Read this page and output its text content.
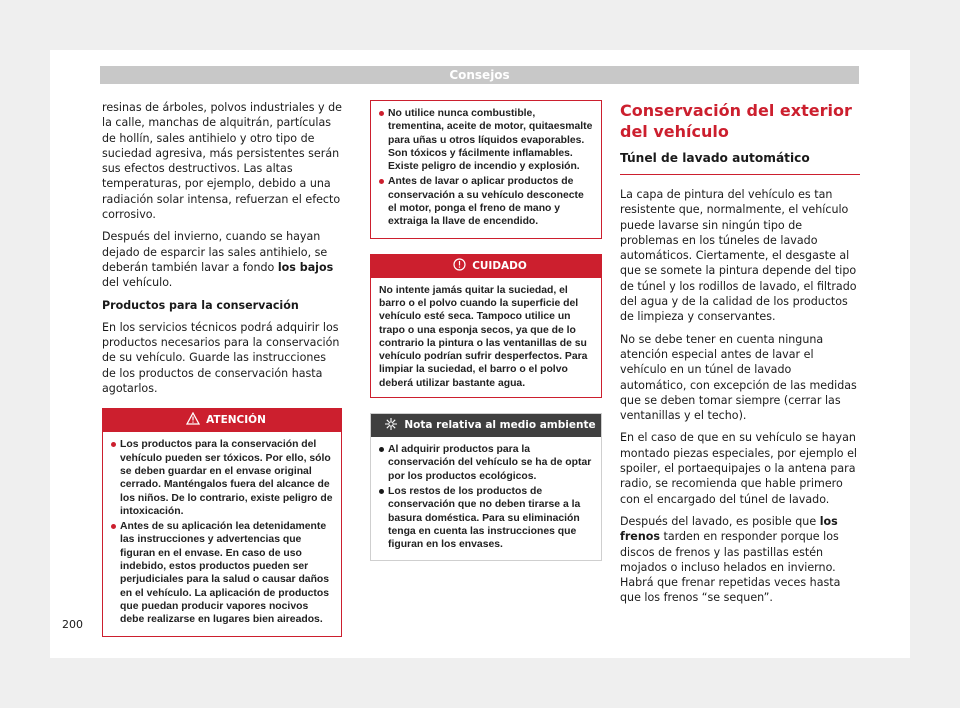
Consejos

resinas de árboles, polvos industriales y de la calle, manchas de alquitrán, partículas de hollín, sales antihielo y otro tipo de suciedad agresiva, más persistentes serán sus efectos destructivos. Las altas temperaturas, por ejemplo, debido a una radiación solar intensa, refuerzan el efecto corrosivo.

Después del invierno, cuando se hayan dejado de esparcir las sales antihielo, se deberán también lavar a fondo los bajos del vehículo.

Productos para la conservación

En los servicios técnicos podrá adquirir los productos necesarios para la conservación de su vehículo. Guarde las instrucciones de los productos de conservación hasta agotarlos.

ATENCIÓN
Los productos para la conservación del vehículo pueden ser tóxicos. Por ello, sólo se deben guardar en el envase original cerrado. Manténgalos fuera del alcance de los niños. De lo contrario, existe peligro de intoxicación.
Antes de su aplicación lea detenidamente las instrucciones y advertencias que figuran en el envase. En caso de uso indebido, estos productos pueden ser perjudiciales para la salud o causar daños en el vehículo. La aplicación de productos que puedan producir vapores nocivos debe realizarse en lugares bien aireados.
No utilice nunca combustible, trementina, aceite de motor, quitaesmalte para uñas u otros líquidos evaporables. Son tóxicos y fácilmente inflamables. Existe peligro de incendio y explosión.
Antes de lavar o aplicar productos de conservación a su vehículo desconecte el motor, ponga el freno de mano y extraiga la llave de encendido.
CUIDADO

No intente jamás quitar la suciedad, el barro o el polvo cuando la superficie del vehículo esté seca. Tampoco utilice un trapo o una esponja secos, ya que de lo contrario la pintura o las ventanillas de su vehículo podrían sufrir desperfectos. Para limpiar la suciedad, el barro o el polvo deberá utilizar bastante agua.

Nota relativa al medio ambiente
Al adquirir productos para la conservación del vehículo se ha de optar por los productos ecológicos.
Los restos de los productos de conservación que no deben tirarse a la basura doméstica. Para su eliminación tenga en cuenta las instrucciones que figuran en los envases.
Conservación del exterior del vehículo
Túnel de lavado automático

La capa de pintura del vehículo es tan resistente que, normalmente, el vehículo puede lavarse sin ningún tipo de problemas en los túneles de lavado automáticos. Ciertamente, el desgaste al que se somete la pintura depende del tipo de túnel y los rodillos de lavado, el filtrado del agua y de la calidad de los productos de limpieza y conservantes.

No se debe tener en cuenta ninguna atención especial antes de lavar el vehículo en un túnel de lavado automático, con excepción de las medidas que se deben tomar siempre (cerrar las ventanillas y el techo).

En el caso de que en su vehículo se hayan montado piezas especiales, por ejemplo el spoiler, el portaequipajes o la antena para radio, se recomienda que hable primero con el encargado del túnel de lavado.

Después del lavado, es posible que los frenos tarden en responder porque los discos de frenos y las pastillas estén mojados o incluso helados en invierno. Habrá que frenar repetidas veces hasta que los frenos “se sequen”.

200
